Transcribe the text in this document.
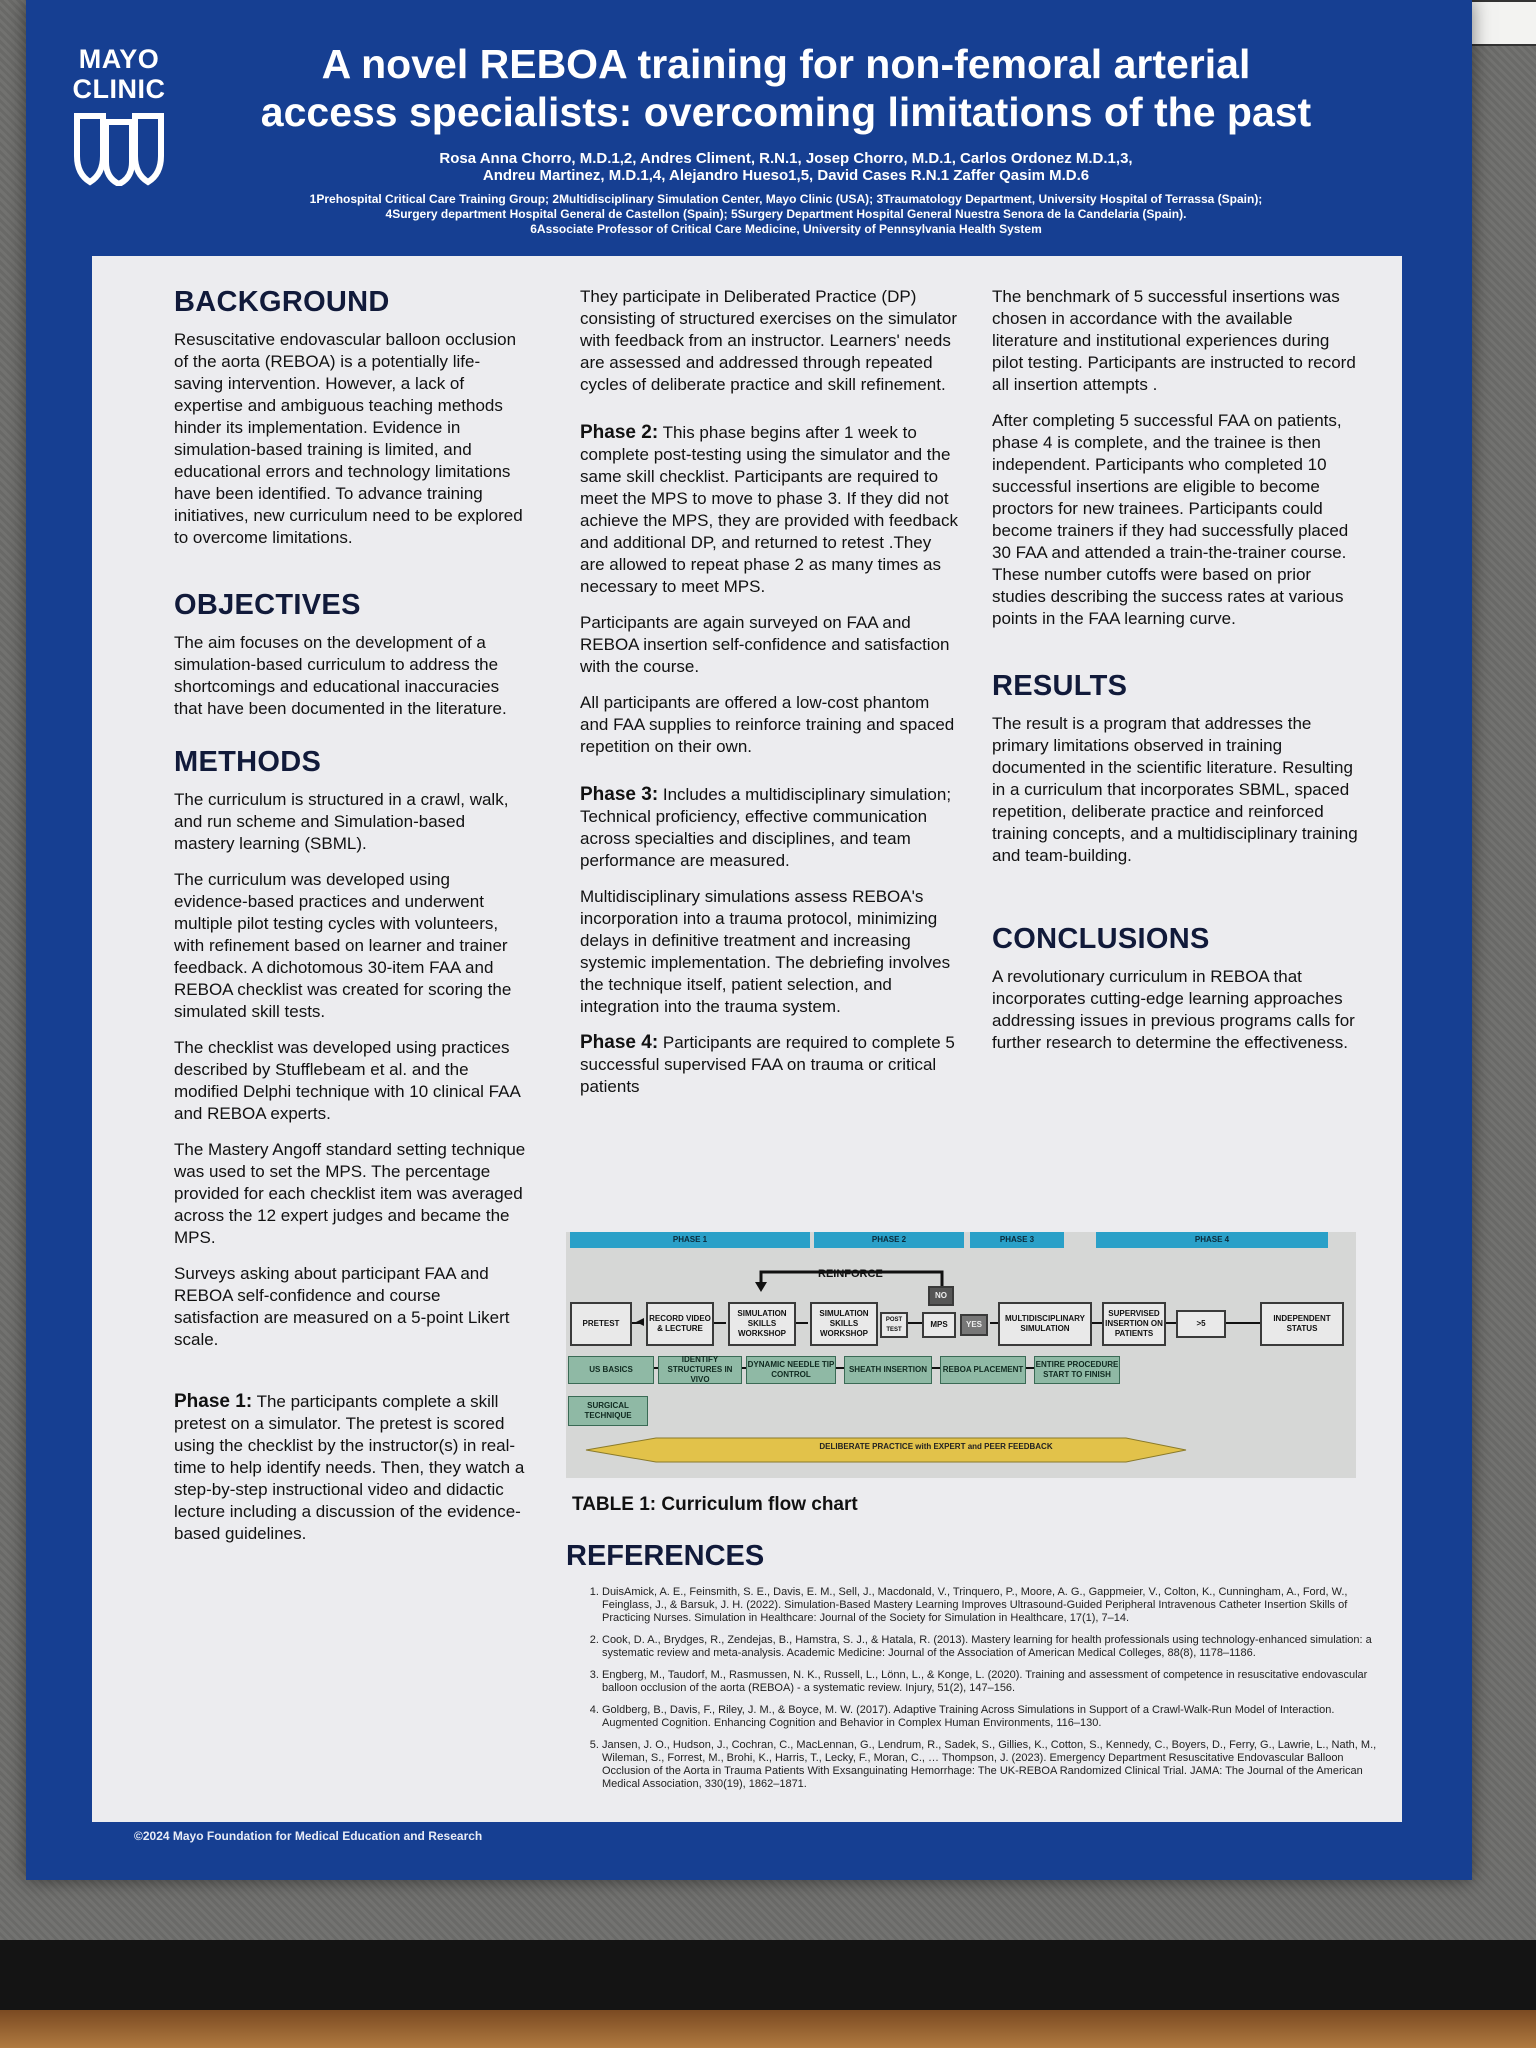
MAYO
CLINIC
A novel REBOA training for non-femoral arterial
access specialists: overcoming limitations of the past
Rosa Anna Chorro, M.D.1,2, Andres Climent, R.N.1, Josep Chorro, M.D.1, Carlos Ordonez M.D.1,3,
Andreu Martinez, M.D.1,4, Alejandro Hueso1,5, David Cases R.N.1 Zaffer Qasim M.D.6
1Prehospital Critical Care Training Group; 2Multidisciplinary Simulation Center, Mayo Clinic (USA); 3Traumatology Department, University Hospital of Terrassa (Spain);
4Surgery department Hospital General de Castellon (Spain); 5Surgery Department Hospital General Nuestra Senora de la Candelaria (Spain).
6Associate Professor of Critical Care Medicine, University of Pennsylvania Health System
BACKGROUND

Resuscitative endovascular balloon occlusion of the aorta (REBOA) is a potentially life-saving intervention. However, a lack of expertise and ambiguous teaching methods hinder its implementation. Evidence in simulation-based training is limited, and educational errors and technology limitations have been identified. To advance training initiatives, new curriculum need to be explored to overcome limitations.

OBJECTIVES

The aim focuses on the development of a simulation-based curriculum to address the shortcomings and educational inaccuracies that have been documented in the literature.

METHODS

The curriculum is structured in a crawl, walk, and run scheme and Simulation-based mastery learning (SBML).

The curriculum was developed using evidence-based practices and underwent multiple pilot testing cycles with volunteers, with refinement based on learner and trainer feedback. A dichotomous 30-item FAA and REBOA checklist was created for scoring the simulated skill tests.

The checklist was developed using practices described by Stufflebeam et al. and the modified Delphi technique with 10 clinical FAA and REBOA experts.

The Mastery Angoff standard setting technique was used to set the MPS. The percentage provided for each checklist item was averaged across the 12 expert judges and became the MPS.

Surveys asking about participant FAA and REBOA self-confidence and course satisfaction are measured on a 5-point Likert scale.

Phase 1: The participants complete a skill pretest on a simulator. The pretest is scored using the checklist by the instructor(s) in real-time to help identify needs. Then, they watch a step-by-step instructional video and didactic lecture including a discussion of the evidence-based guidelines.

They participate in Deliberated Practice (DP) consisting of structured exercises on the simulator with feedback from an instructor. Learners' needs are assessed and addressed through repeated cycles of deliberate practice and skill refinement.

Phase 2: This phase begins after 1 week to complete post-testing using the simulator and the same skill checklist. Participants are required to meet the MPS to move to phase 3. If they did not achieve the MPS, they are provided with feedback and additional DP, and returned to retest .They are allowed to repeat phase 2 as many times as necessary to meet MPS.

Participants are again surveyed on FAA and REBOA insertion self-confidence and satisfaction with the course.

All participants are offered a low-cost phantom and FAA supplies to reinforce training and spaced repetition on their own.

Phase 3: Includes a multidisciplinary simulation; Technical proficiency, effective communication across specialties and disciplines, and team performance are measured.

Multidisciplinary simulations assess REBOA's incorporation into a trauma protocol, minimizing delays in definitive treatment and increasing systemic implementation. The debriefing involves the technique itself, patient selection, and integration into the trauma system.

Phase 4: Participants are required to complete 5 successful supervised FAA on trauma or critical patients

The benchmark of 5 successful insertions was chosen in accordance with the available literature and institutional experiences during pilot testing. Participants are instructed to record all insertion attempts .

After completing 5 successful FAA on patients, phase 4 is complete, and the trainee is then independent. Participants who completed 10 successful insertions are eligible to become proctors for new trainees. Participants could become trainers if they had successfully placed 30 FAA and attended a train-the-trainer course. These number cutoffs were based on prior studies describing the success rates at various points in the FAA learning curve.

RESULTS

The result is a program that addresses the primary limitations observed in training documented in the scientific literature. Resulting in a curriculum that incorporates SBML, spaced repetition, deliberate practice and reinforced training concepts, and a multidisciplinary training and team-building.

CONCLUSIONS

A revolutionary curriculum in REBOA that incorporates cutting-edge learning approaches addressing issues in previous programs calls for further research to determine the effectiveness.

PHASE 1	PHASE 2	PHASE 3	PHASE 4
REINFORCE
PRETEST
RECORD VIDEO & LECTURE
SIMULATION SKILLS WORKSHOP
SIMULATION SKILLS WORKSHOP
POST TEST
MPS
NO
YES
MULTIDISCIPLINARY SIMULATION
SUPERVISED INSERTION ON PATIENTS
>5
INDEPENDENT STATUS
US BASICS
IDENTIFY STRUCTURES IN VIVO
DYNAMIC NEEDLE TIP CONTROL
SHEATH INSERTION	REBOA PLACEMENT
ENTIRE PROCEDURE START TO FINISH
SURGICAL TECHNIQUE
DELIBERATE PRACTICE with EXPERT and PEER FEEDBACK
TABLE 1: Curriculum flow chart
REFERENCES
1. DuisAmick, A. E., Feinsmith, S. E., Davis, E. M., Sell, J., Macdonald, V., Trinquero, P., Moore, A. G., Gappmeier, V., Colton, K., Cunningham, A., Ford, W., Feinglass, J., & Barsuk, J. H. (2022). Simulation-Based Mastery Learning Improves Ultrasound-Guided Peripheral Intravenous Catheter Insertion Skills of Practicing Nurses. Simulation in Healthcare: Journal of the Society for Simulation in Healthcare, 17(1), 7–14.
2. Cook, D. A., Brydges, R., Zendejas, B., Hamstra, S. J., & Hatala, R. (2013). Mastery learning for health professionals using technology-enhanced simulation: a systematic review and meta-analysis. Academic Medicine: Journal of the Association of American Medical Colleges, 88(8), 1178–1186.
3. Engberg, M., Taudorf, M., Rasmussen, N. K., Russell, L., Lönn, L., & Konge, L. (2020). Training and assessment of competence in resuscitative endovascular balloon occlusion of the aorta (REBOA) - a systematic review. Injury, 51(2), 147–156.
4. Goldberg, B., Davis, F., Riley, J. M., & Boyce, M. W. (2017). Adaptive Training Across Simulations in Support of a Crawl-Walk-Run Model of Interaction. Augmented Cognition. Enhancing Cognition and Behavior in Complex Human Environments, 116–130.
5. Jansen, J. O., Hudson, J., Cochran, C., MacLennan, G., Lendrum, R., Sadek, S., Gillies, K., Cotton, S., Kennedy, C., Boyers, D., Ferry, G., Lawrie, L., Nath, M., Wileman, S., Forrest, M., Brohi, K., Harris, T., Lecky, F., Moran, C., … Thompson, J. (2023). Emergency Department Resuscitative Endovascular Balloon Occlusion of the Aorta in Trauma Patients With Exsanguinating Hemorrhage: The UK-REBOA Randomized Clinical Trial. JAMA: The Journal of the American Medical Association, 330(19), 1862–1871.
©2024 Mayo Foundation for Medical Education and Research
